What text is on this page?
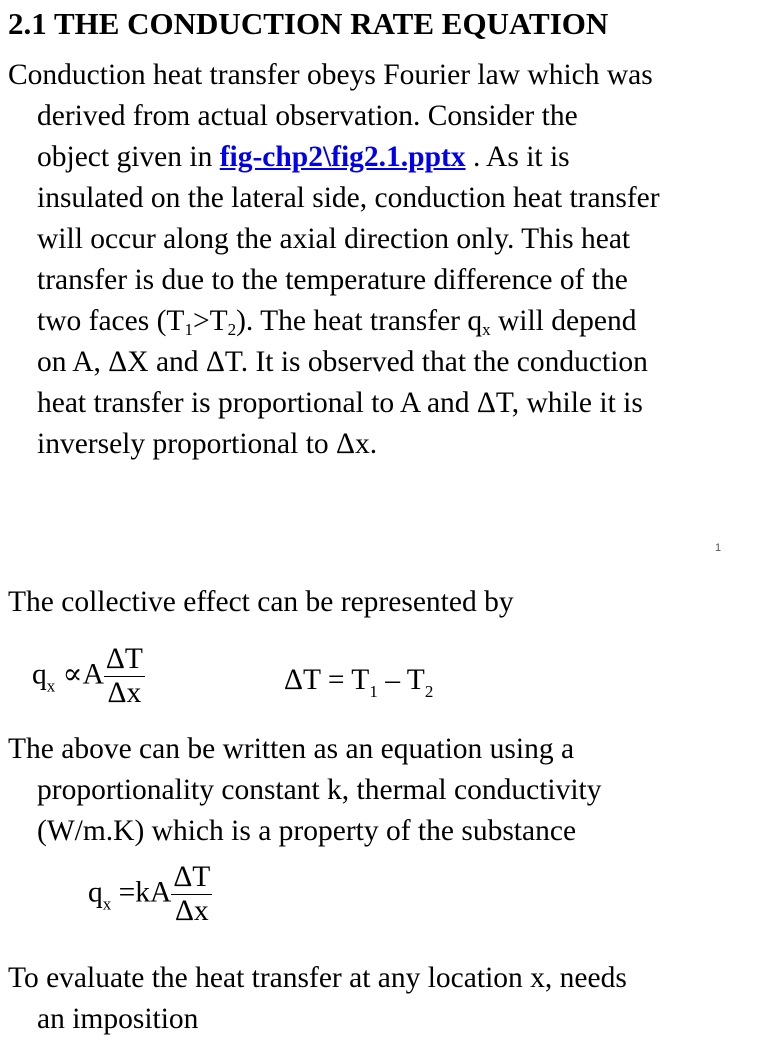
2.1 THE CONDUCTION RATE EQUATION
Conduction heat transfer obeys Fourier law which was
derived from actual observation. Consider the
object given in fig-chp2\fig2.1.pptx . As it is
insulated on the lateral side, conduction heat transfer
will occur along the axial direction only. This heat
transfer is due to the temperature difference of the
two faces $(T_1>T_2)$. The heat transfer $q_x$ will depend
on A, ΔX and ΔT. It is observed that the conduction
heat transfer is proportional to A and ΔT, while it is
inversely proportional to Δx.
1
The collective effect can be represented by
$q_x \propto A \frac{\Delta T}{\Delta x}$	$\Delta T = T_1 - T_2$
The above can be written as an equation using a
proportionality constant k, thermal conductivity
(W/m.K) which is a property of the substance
$q_x =kA \frac{\Delta T}{\Delta x}$
To evaluate the heat transfer at any location x, needs
an imposition
